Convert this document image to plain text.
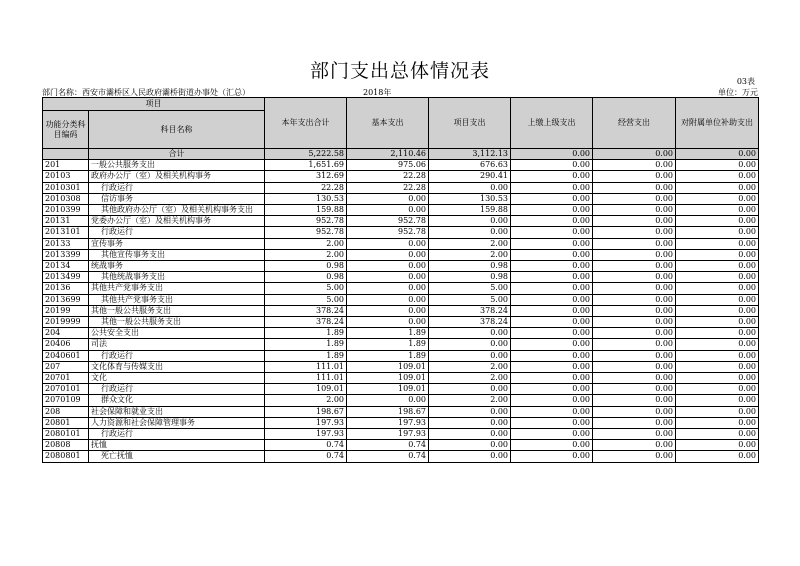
部门支出总体情况表	03表
部门名称：西安市灞桥区人民政府灞桥街道办事处（汇总）	2018年	单位：万元
项目		本年支出合计	基本支出	项目支出	上缴上级支出	经营支出	对附属单位补助支出
功能分类科目编码	科目名称						
	合计	5,222.58	2,110.46	3,112.13	0.00	0.00	0.00
201	一般公共服务支出	1,651.69	975.06	676.63	0.00	0.00	0.00
20103	政府办公厅（室）及相关机构事务	312.69	22.28	290.41	0.00	0.00	0.00
2010301	行政运行	22.28	22.28	0.00	0.00	0.00	0.00
2010308	信访事务	130.53	0.00	130.53	0.00	0.00	0.00
2010399	其他政府办公厅（室）及相关机构事务支出	159.88	0.00	159.88	0.00	0.00	0.00
20131	党委办公厅（室）及相关机构事务	952.78	952.78	0.00	0.00	0.00	0.00
2013101	行政运行	952.78	952.78	0.00	0.00	0.00	0.00
20133	宣传事务	2.00	0.00	2.00	0.00	0.00	0.00
2013399	其他宣传事务支出	2.00	0.00	2.00	0.00	0.00	0.00
20134	统战事务	0.98	0.00	0.98	0.00	0.00	0.00
2013499	其他统战事务支出	0.98	0.00	0.98	0.00	0.00	0.00
20136	其他共产党事务支出	5.00	0.00	5.00	0.00	0.00	0.00
2013699	其他共产党事务支出	5.00	0.00	5.00	0.00	0.00	0.00
20199	其他一般公共服务支出	378.24	0.00	378.24	0.00	0.00	0.00
2019999	其他一般公共服务支出	378.24	0.00	378.24	0.00	0.00	0.00
204	公共安全支出	1.89	1.89	0.00	0.00	0.00	0.00
20406	司法	1.89	1.89	0.00	0.00	0.00	0.00
2040601	行政运行	1.89	1.89	0.00	0.00	0.00	0.00
207	文化体育与传媒支出	111.01	109.01	2.00	0.00	0.00	0.00
20701	文化	111.01	109.01	2.00	0.00	0.00	0.00
2070101	行政运行	109.01	109.01	0.00	0.00	0.00	0.00
2070109	群众文化	2.00	0.00	2.00	0.00	0.00	0.00
208	社会保障和就业支出	198.67	198.67	0.00	0.00	0.00	0.00
20801	人力资源和社会保障管理事务	197.93	197.93	0.00	0.00	0.00	0.00
2080101	行政运行	197.93	197.93	0.00	0.00	0.00	0.00
20808	抚恤	0.74	0.74	0.00	0.00	0.00	0.00
2080801	死亡抚恤	0.74	0.74	0.00	0.00	0.00	0.00
